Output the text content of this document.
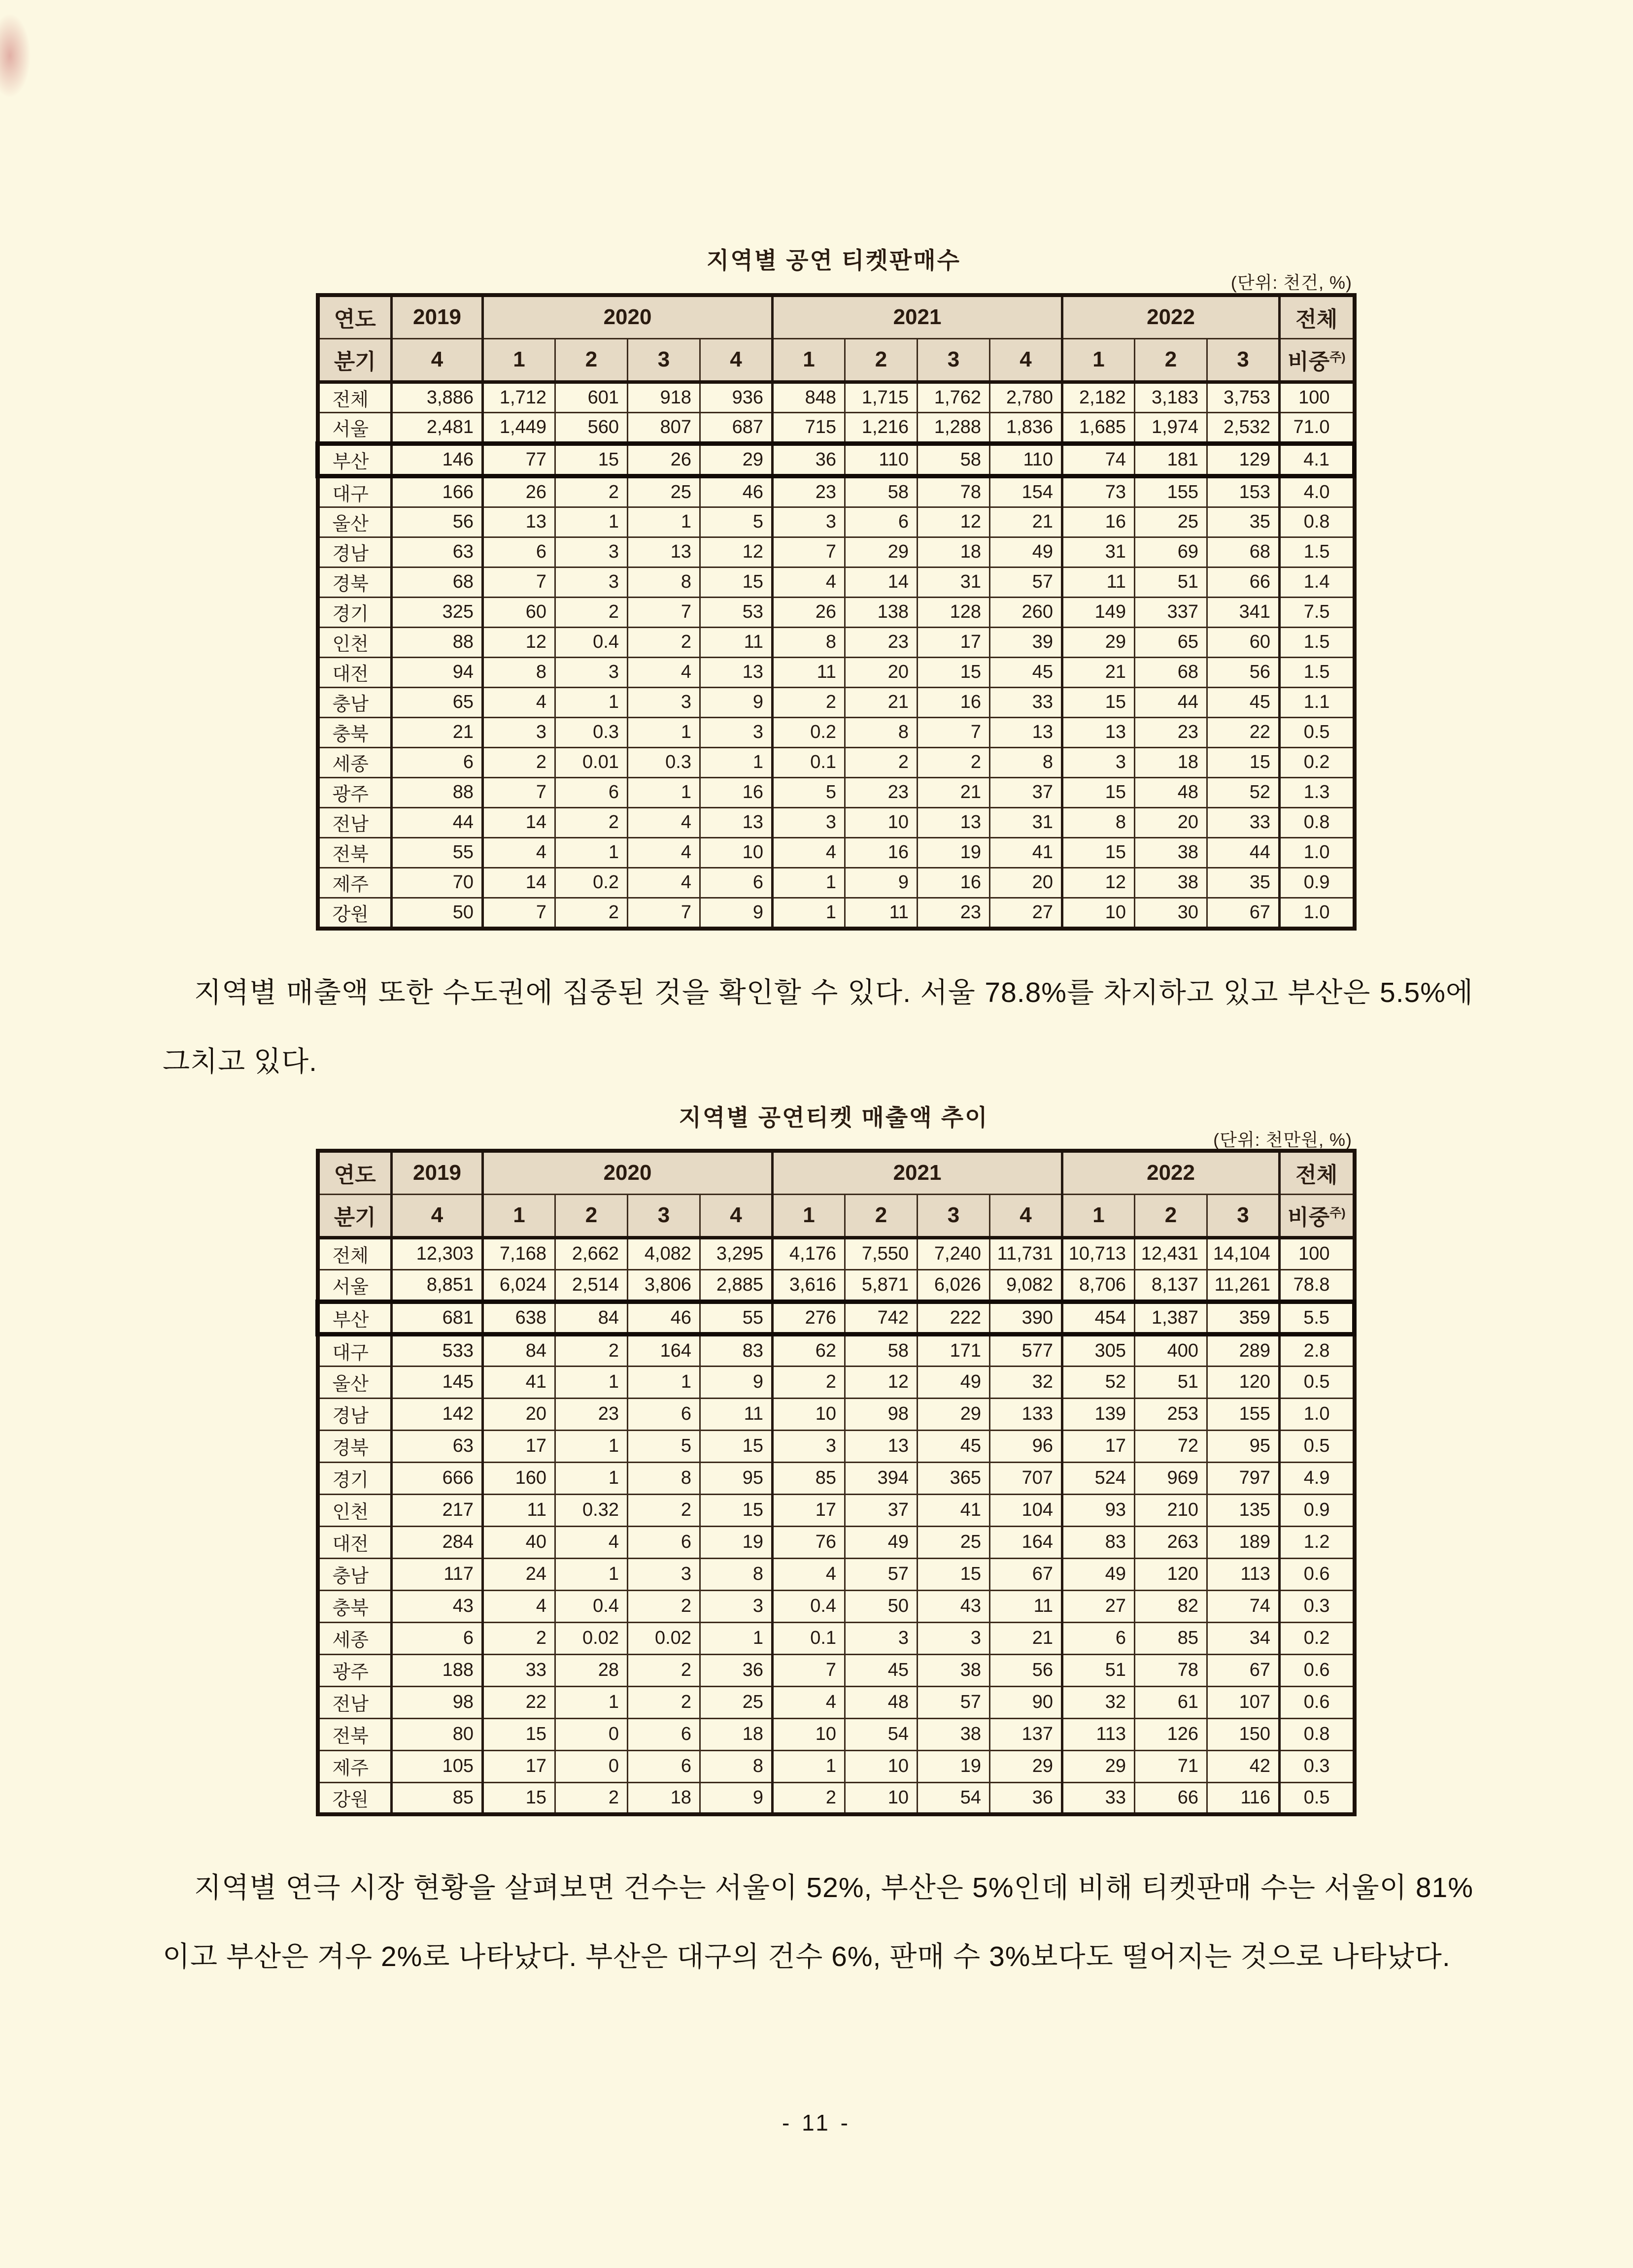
지역별 공연 티켓판매수
(단위: 천건, %)
연도	2019	2020				2021				2022			전체
분기	4	1	2	3	4	1	2	3	4	1	2	3	비중$^{주)}$
전체	3,886	1,712	601	918	936	848	1,715	1,762	2,780	2,182	3,183	3,753	100
서울	2,481	1,449	560	807	687	715	1,216	1,288	1,836	1,685	1,974	2,532	71.0
부산	146	77	15	26	29	36	110	58	110	74	181	129	4.1
대구	166	26	2	25	46	23	58	78	154	73	155	153	4.0
울산	56	13	1	1	5	3	6	12	21	16	25	35	0.8
경남	63	6	3	13	12	7	29	18	49	31	69	68	1.5
경북	68	7	3	8	15	4	14	31	57	11	51	66	1.4
경기	325	60	2	7	53	26	138	128	260	149	337	341	7.5
인천	88	12	0.4	2	11	8	23	17	39	29	65	60	1.5
대전	94	8	3	4	13	11	20	15	45	21	68	56	1.5
충남	65	4	1	3	9	2	21	16	33	15	44	45	1.1
충북	21	3	0.3	1	3	0.2	8	7	13	13	23	22	0.5
세종	6	2	0.01	0.3	1	0.1	2	2	8	3	18	15	0.2
광주	88	7	6	1	16	5	23	21	37	15	48	52	1.3
전남	44	14	2	4	13	3	10	13	31	8	20	33	0.8
전북	55	4	1	4	10	4	16	19	41	15	38	44	1.0
제주	70	14	0.2	4	6	1	9	16	20	12	38	35	0.9
강원	50	7	2	7	9	1	11	23	27	10	30	67	1.0

지역별 매출액 또한 수도권에 집중된 것을 확인할 수 있다. 서울 78.8%를 차지하고 있고 부산은 5.5%에 그치고 있다.

지역별 공연티켓 매출액 추이
(단위: 천만원, %)
연도	2019	2020				2021				2022			전체
분기	4	1	2	3	4	1	2	3	4	1	2	3	비중$^{주)}$
전체	12,303	7,168	2,662	4,082	3,295	4,176	7,550	7,240	11,731	10,713	12,431	14,104	100
서울	8,851	6,024	2,514	3,806	2,885	3,616	5,871	6,026	9,082	8,706	8,137	11,261	78.8
부산	681	638	84	46	55	276	742	222	390	454	1,387	359	5.5
대구	533	84	2	164	83	62	58	171	577	305	400	289	2.8
울산	145	41	1	1	9	2	12	49	32	52	51	120	0.5
경남	142	20	23	6	11	10	98	29	133	139	253	155	1.0
경북	63	17	1	5	15	3	13	45	96	17	72	95	0.5
경기	666	160	1	8	95	85	394	365	707	524	969	797	4.9
인천	217	11	0.32	2	15	17	37	41	104	93	210	135	0.9
대전	284	40	4	6	19	76	49	25	164	83	263	189	1.2
충남	117	24	1	3	8	4	57	15	67	49	120	113	0.6
충북	43	4	0.4	2	3	0.4	50	43	11	27	82	74	0.3
세종	6	2	0.02	0.02	1	0.1	3	3	21	6	85	34	0.2
광주	188	33	28	2	36	7	45	38	56	51	78	67	0.6
전남	98	22	1	2	25	4	48	57	90	32	61	107	0.6
전북	80	15	0	6	18	10	54	38	137	113	126	150	0.8
제주	105	17	0	6	8	1	10	19	29	29	71	42	0.3
강원	85	15	2	18	9	2	10	54	36	33	66	116	0.5

지역별 연극 시장 현황을 살펴보면 건수는 서울이 52%, 부산은 5%인데 비해 티켓판매 수는 서울이 81%이고 부산은 겨우 2%로 나타났다. 부산은 대구의 건수 6%, 판매 수 3%보다도 떨어지는 것으로 나타났다.

- 11 -
